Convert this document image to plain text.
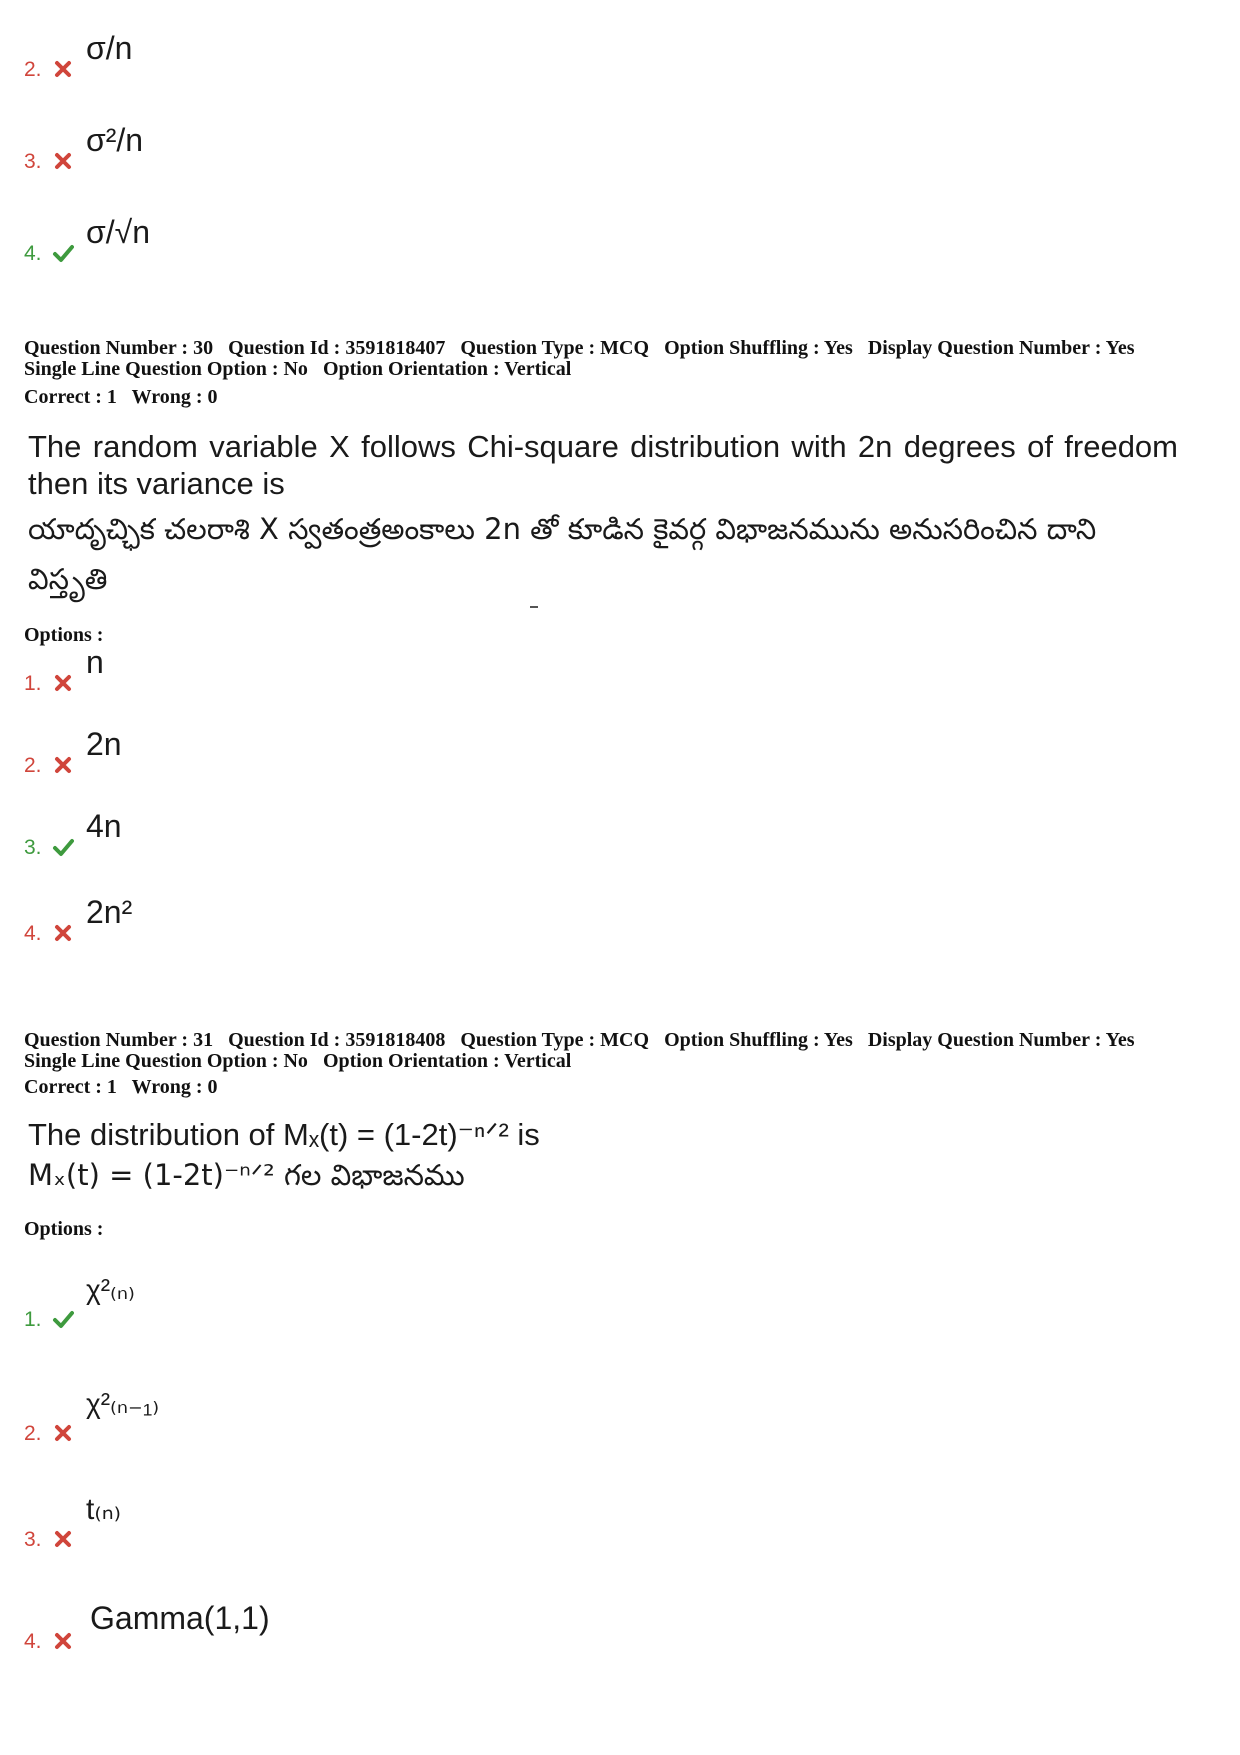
2.
σ/n
3.
σ²/n
4.
σ/√n
Question Number : 30 Question Id : 3591818407 Question Type : MCQ Option Shuffling : Yes Display Question Number : Yes
Single Line Question Option : No Option Orientation : Vertical
Correct : 1 Wrong : 0
The random variable X follows Chi-square distribution with 2n degrees of freedom then its variance is
యాదృచ్ఛిక చలరాశి X స్వతంత్రఅంకాలు 2n తో కూడిన కైవర్గ విభాజనమును అనుసరించిన దాని విస్తృతి
Options :
1.
n
2.
2n
3.
4n
4.
2n²
Question Number : 31 Question Id : 3591818408 Question Type : MCQ Option Shuffling : Yes Display Question Number : Yes
Single Line Question Option : No Option Orientation : Vertical
Correct : 1 Wrong : 0
The distribution of Mₓ(t) = (1-2t)⁻ⁿᐟ² is
Mₓ(t) = (1-2t)⁻ⁿᐟ² గల విభాజనము
Options :
1.
χ²₍ₙ₎
2.
χ²₍ₙ₋₁₎
3.
t₍ₙ₎
4.
Gamma(1,1)
